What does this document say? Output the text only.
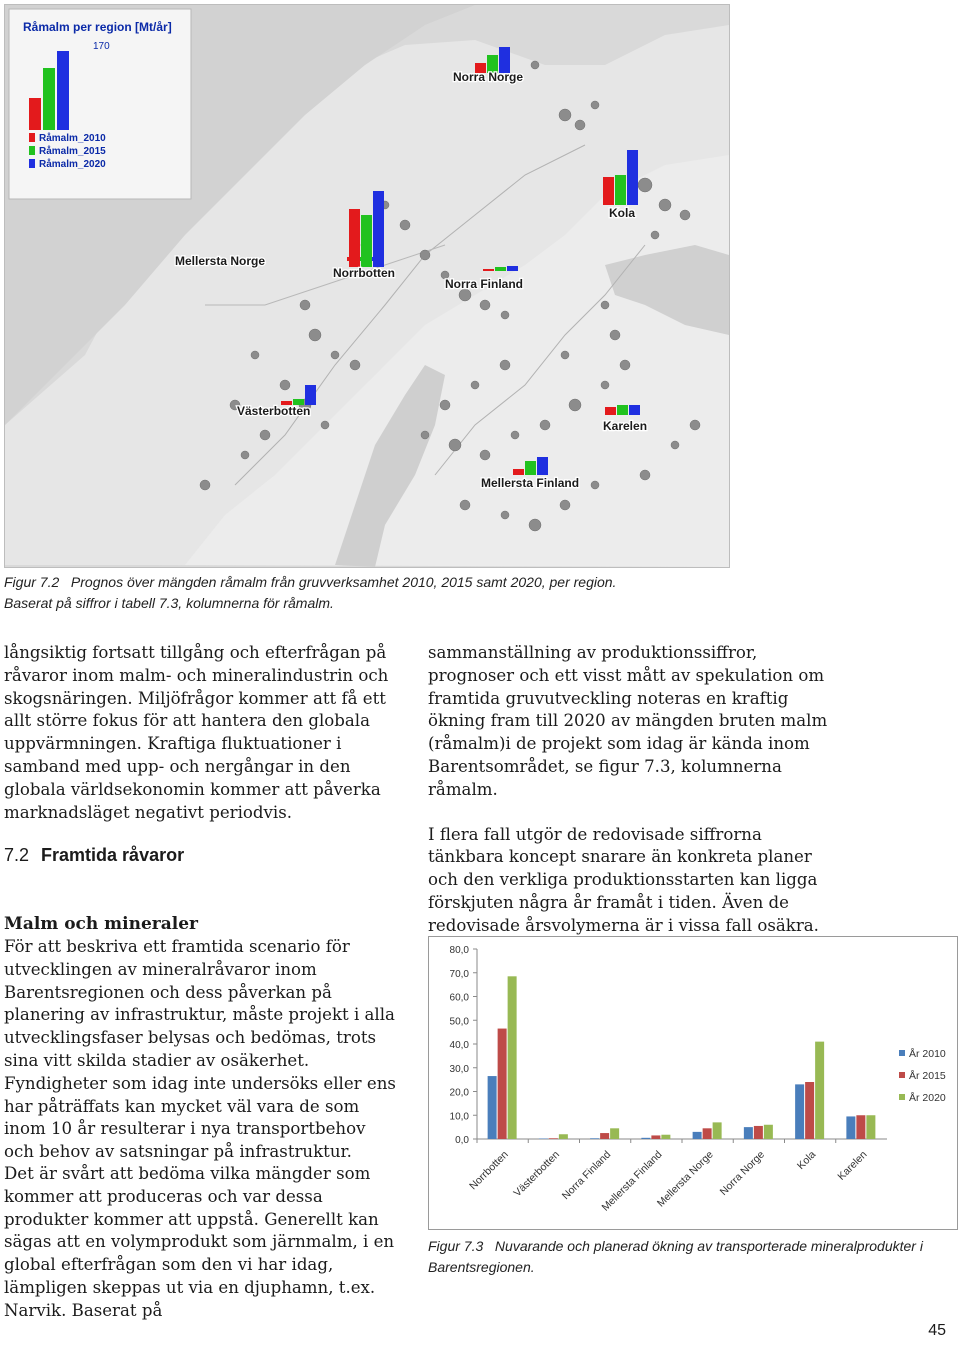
Råmalm per region [Mt/år]
170
Råmalm_2010
Råmalm_2015
Råmalm_2020
Norra Norge
Kola
Mellersta Norge
Norrbotten
Norra Finland
Västerbotten
Karelen
Mellersta Finland
Figur 7.2 Prognos över mängden råmalm från gruvverksamhet 2010, 2015 samt 2020, per region.
Baserat på siffror i tabell 7.3, kolumnerna för råmalm.

långsiktig fortsatt tillgång och efterfrågan på råvaror inom malm- och mineralindustrin och skogsnäringen. Miljöfrågor kommer att få ett allt större fokus för att hantera den globala uppvärmningen. Kraftiga fluktuationer i samband med upp- och nergångar in den globala världsekonomin kommer att påverka marknadsläget negativt periodvis.

7.2 Framtida råvaror
Malm och mineraler

För att beskriva ett framtida scenario för utvecklingen av mineralråvaror inom Barentsregionen och dess påverkan på planering av infrastruktur, måste projekt i alla utvecklingsfaser belysas och bedömas, trots sina vitt skilda stadier av osäkerhet. Fyndigheter som idag inte undersöks eller ens har påträffats kan mycket väl vara de som inom 10 år resulterar i nya transportbehov och behov av satsningar på infrastruktur.

Det är svårt att bedöma vilka mängder som kommer att produceras och var dessa produkter kommer att uppstå. Generellt kan sägas att en volymprodukt som järnmalm, i en global efterfrågan som den vi har idag, lämpligen skeppas ut via en djuphamn, t.ex. Narvik. Baserat på

sammanställning av produktionssiffror, prognoser och ett visst mått av spekulation om framtida gruvutveckling noteras en kraftig ökning fram till 2020 av mängden bruten malm (råmalm)i de projekt som idag är kända inom Barentsområdet, se figur 7.3, kolumnerna råmalm.

I flera fall utgör de redovisade siffrorna tänkbara koncept snarare än konkreta planer och den verkliga produktionsstarten kan ligga förskjuten några år framåt i tiden. Även de redovisade årsvolymerna är i vissa fall osäkra.

0,0
10,0
20,0
30,0
40,0
50,0
60,0
70,0
80,0
Norrbotten Västerbotten
Norra Finland
Mellersta Finland
Mellersta Norge Norra Norge	Kola Karelen
År 2010
År 2015
År 2020
Figur 7.3 Nuvarande och planerad ökning av transporterade mineralprodukter i Barentsregionen.
45
